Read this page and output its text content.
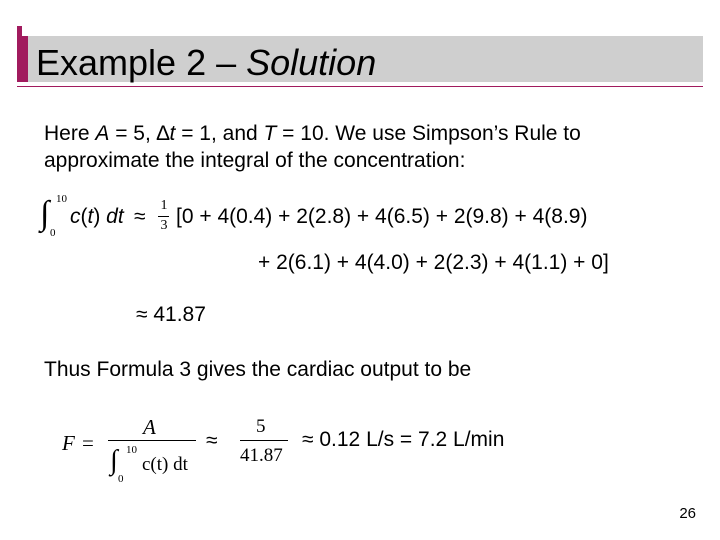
Example 2 – Solution
Here A = 5, ∆t = 1, and T = 10. We use Simpson’s Rule to
approximate the integral of the concentration:
∫ 10
0
c(t) dt ≈ 1
3 [0 + 4(0.4) + 2(2.8) + 4(6.5) + 2(9.8) + 4(8.9)
+ 2(6.1) + 4(4.0) + 2(2.3) + 4(1.1) + 0]
≈ 41.87
Thus Formula 3 gives the cardiac output to be
F =
A
∫ 10
0
c(t) dt
≈
5
41.87
≈ 0.12 L/s = 7.2 L/min
26
